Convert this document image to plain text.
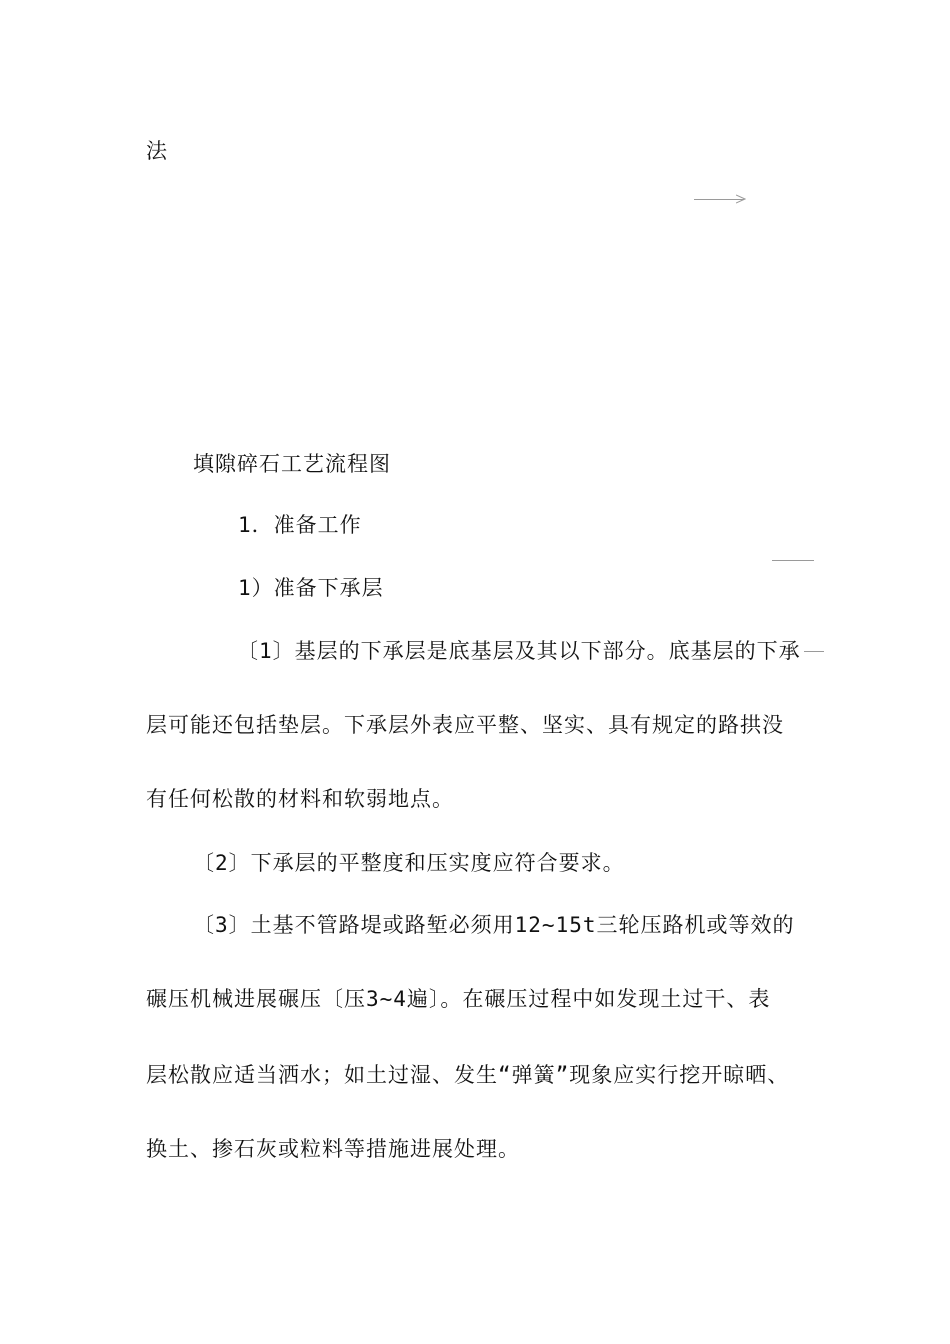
法
填隙碎石工艺流程图
1．准备工作
1）准备下承层
〔1〕基层的下承层是底基层及其以下部分。底基层的下承
层可能还包括垫层。下承层外表应平整、坚实、具有规定的路拱没
有任何松散的材料和软弱地点。
〔2〕下承层的平整度和压实度应符合要求。
〔3〕土基不管路堤或路堑必须用12~15t三轮压路机或等效的
碾压机械进展碾压〔压3~4遍〕。在碾压过程中如发现土过干、表
层松散应适当洒水；如土过湿、发生“弹簧”现象应实行挖开晾晒、
换土、掺石灰或粒料等措施进展处理。
